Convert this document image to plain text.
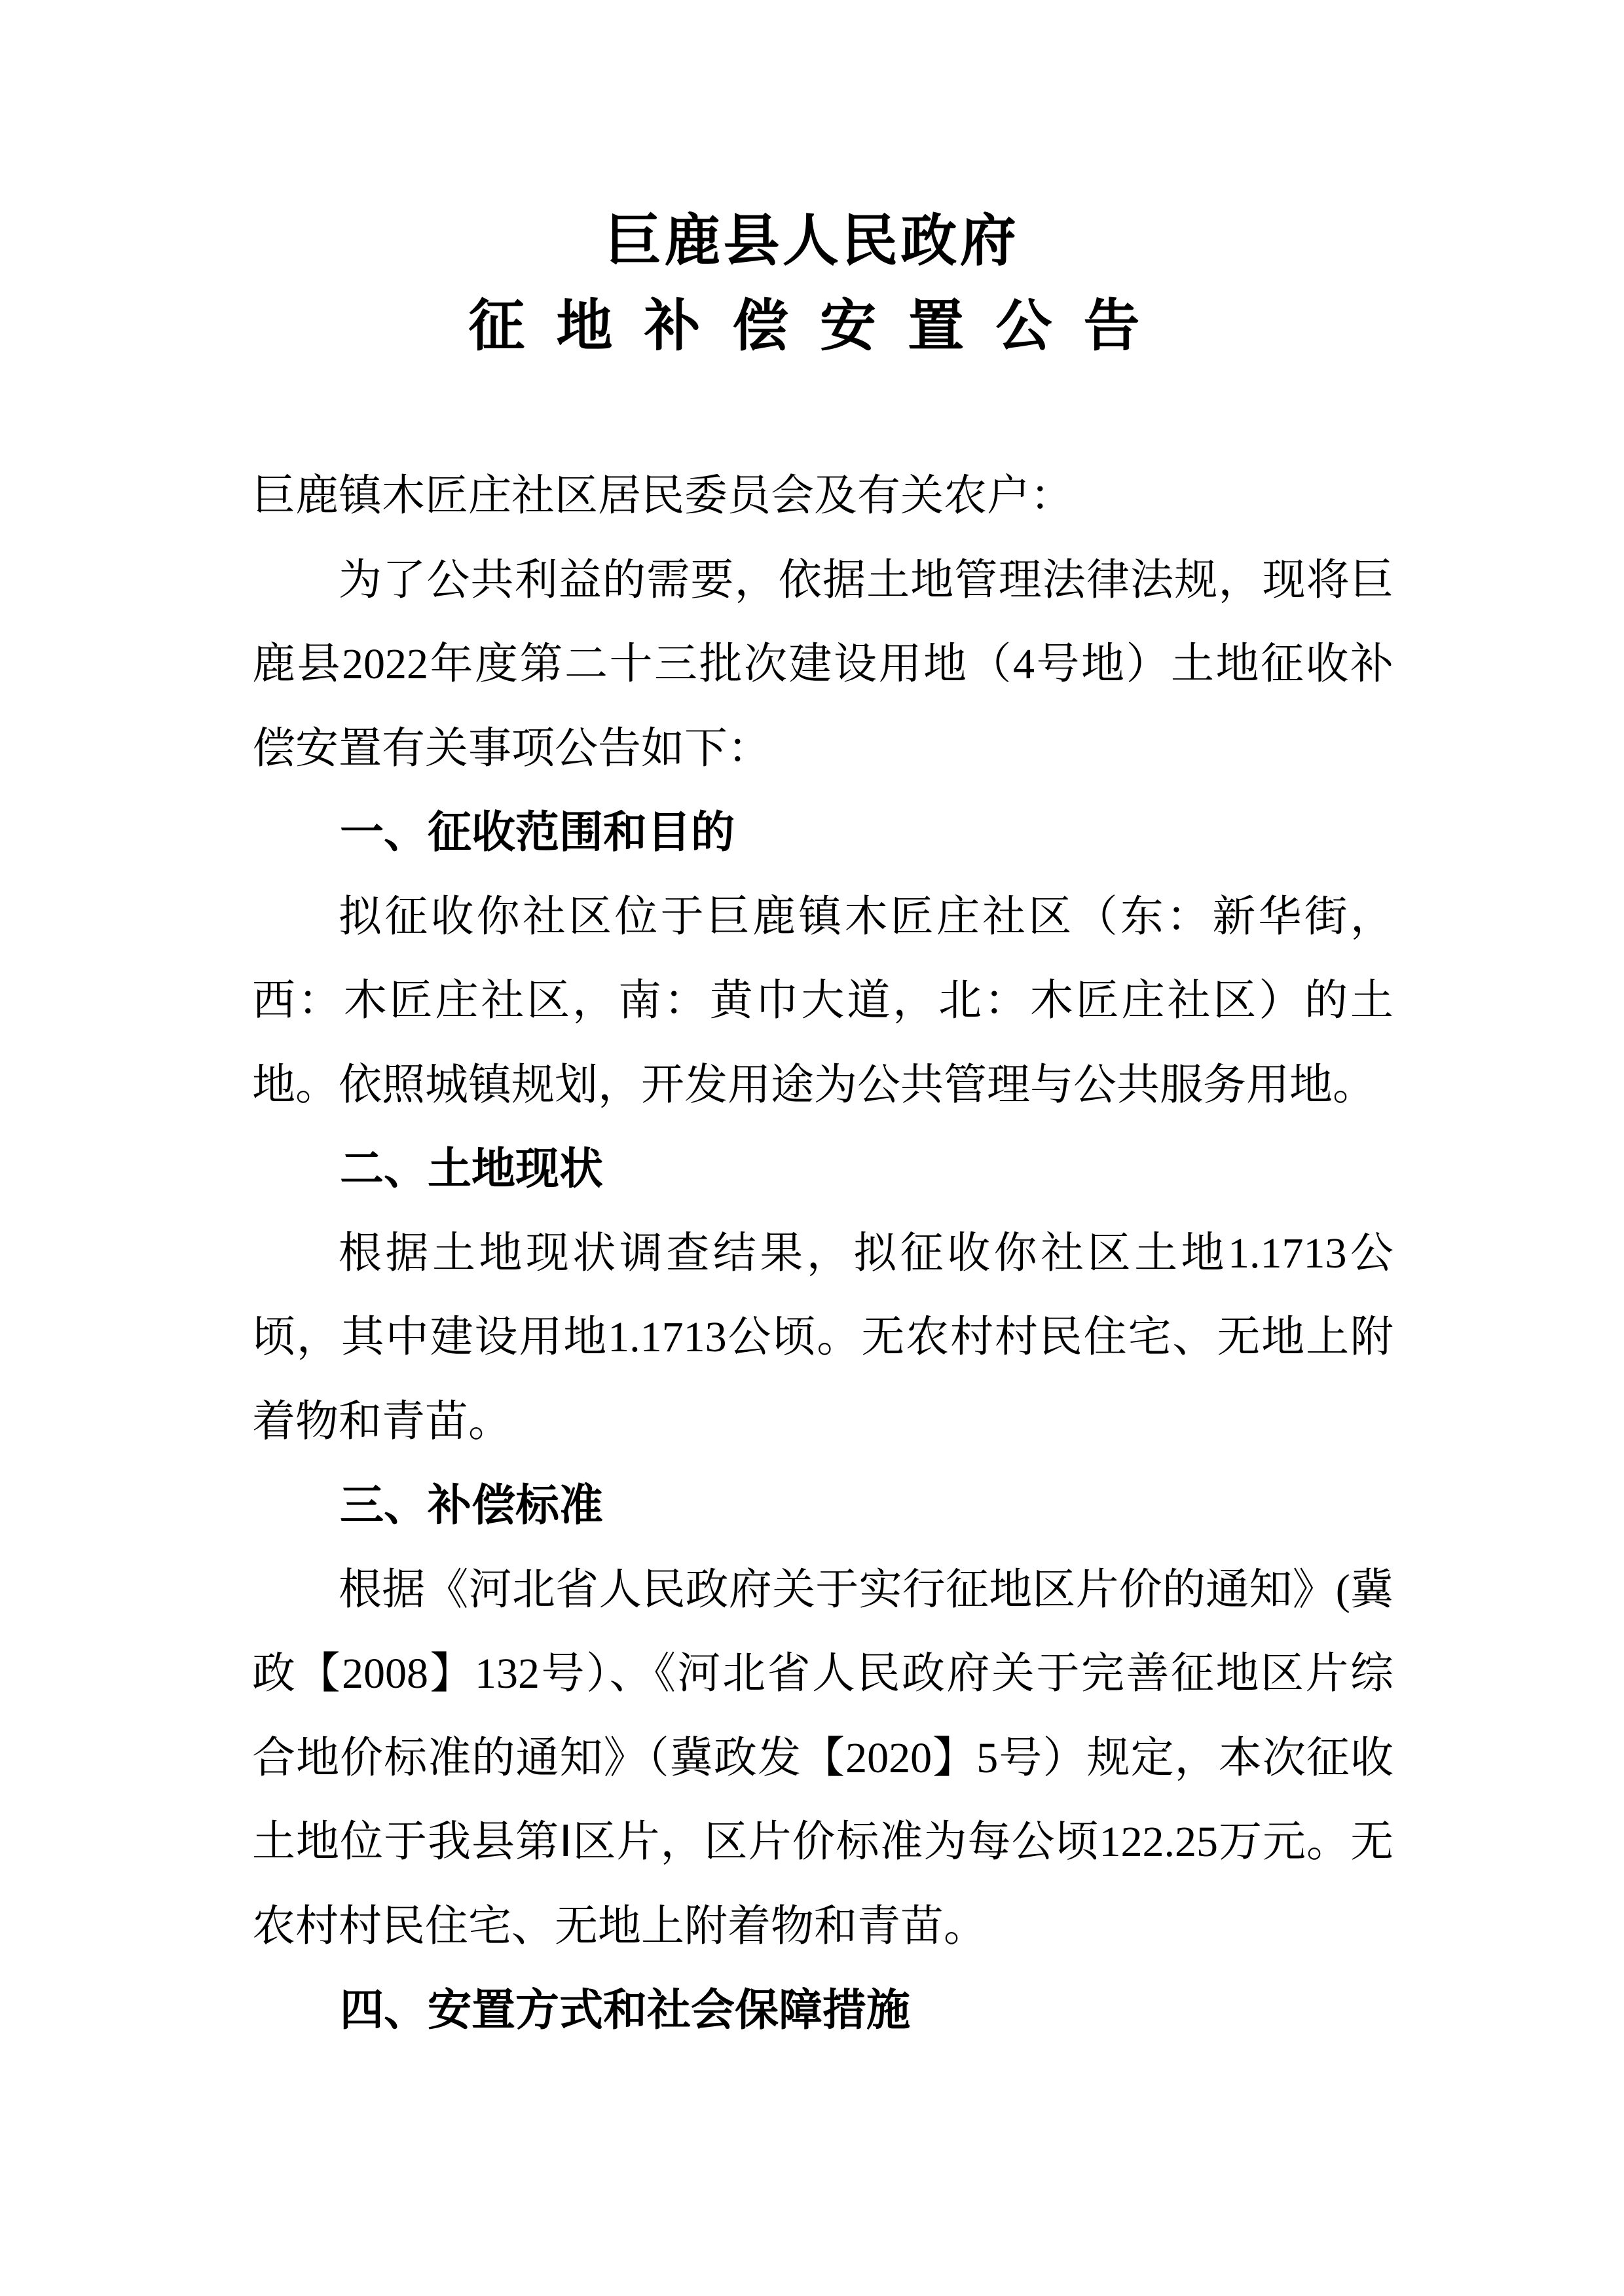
巨鹿县人民政府
征地补偿安置公告

巨鹿镇木匠庄社区居民委员会及有关农户：

为了公共利益的需要，依据土地管理法律法规，现将巨鹿县2022年度第二十三批次建设用地（4号地）土地征收补偿安置有关事项公告如下：

一、征收范围和目的

拟征收你社区位于巨鹿镇木匠庄社区（东：新华街，西：木匠庄社区，南：黄巾大道，北：木匠庄社区）的土地。依照城镇规划，开发用途为公共管理与公共服务用地。

二、土地现状

根据土地现状调查结果，拟征收你社区土地1.1713公顷，其中建设用地1.1713公顷。无农村村民住宅、无地上附着物和青苗。

三、补偿标准

根据《河北省人民政府关于实行征地区片价的通知》(冀政【2008】132号）、《河北省人民政府关于完善征地区片综合地价标准的通知》（冀政发【2020】5号）规定，本次征收土地位于我县第Ⅰ区片，区片价标准为每公顷122.25万元。无农村村民住宅、无地上附着物和青苗。

四、安置方式和社会保障措施
